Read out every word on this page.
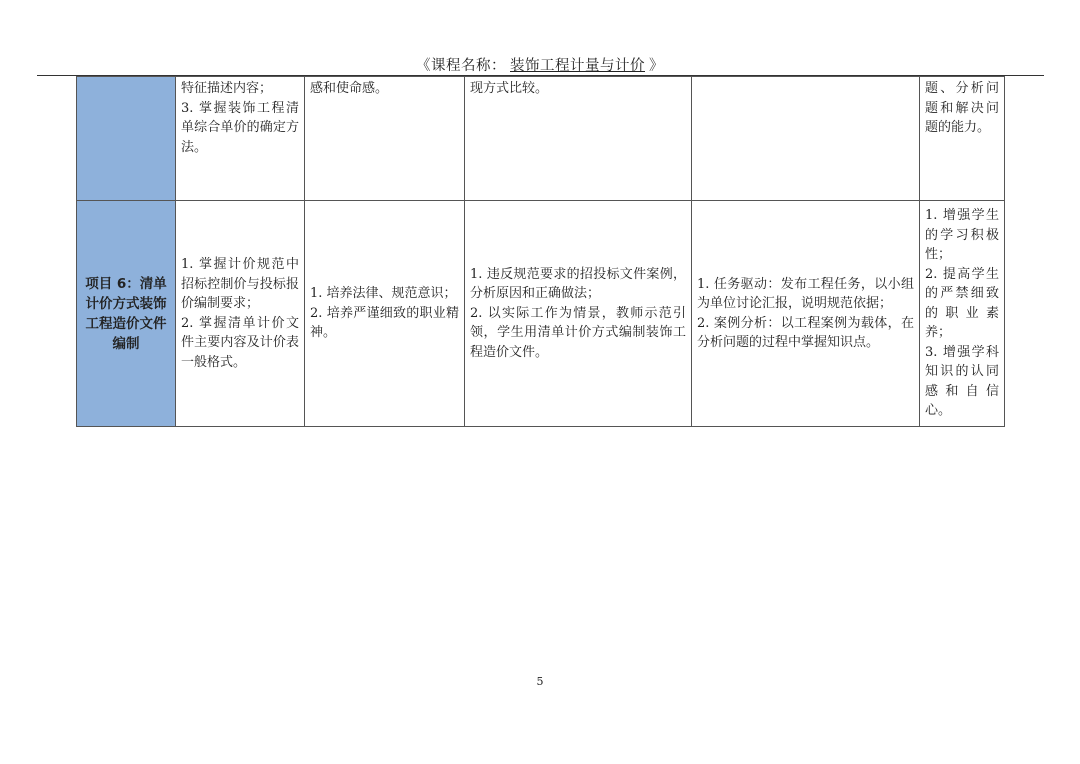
《课程名称： 装饰工程计量与计价 》
	特征描述内容；
3. 掌握装饰工程清单综合单价的确定方法。	感和使命感。	现方式比较。		题、分析问题和解决问题的能力。
项目 6：清单计价方式装饰工程造价文件编制	1. 掌握计价规范中招标控制价与投标报价编制要求；
2. 掌握清单计价文件主要内容及计价表一般格式。	1. 培养法律、规范意识；
2. 培养严谨细致的职业精神。	1. 违反规范要求的招投标文件案例，分析原因和正确做法；
2. 以实际工作为情景，教师示范引领，学生用清单计价方式编制装饰工程造价文件。	1. 任务驱动：发布工程任务，以小组为单位讨论汇报，说明规范依据；
2. 案例分析：以工程案例为载体，在分析问题的过程中掌握知识点。	1. 增强学生的学习积极性；
2. 提高学生的严禁细致的职业素养；
3. 增强学科知识的认同感和自信心。
5
